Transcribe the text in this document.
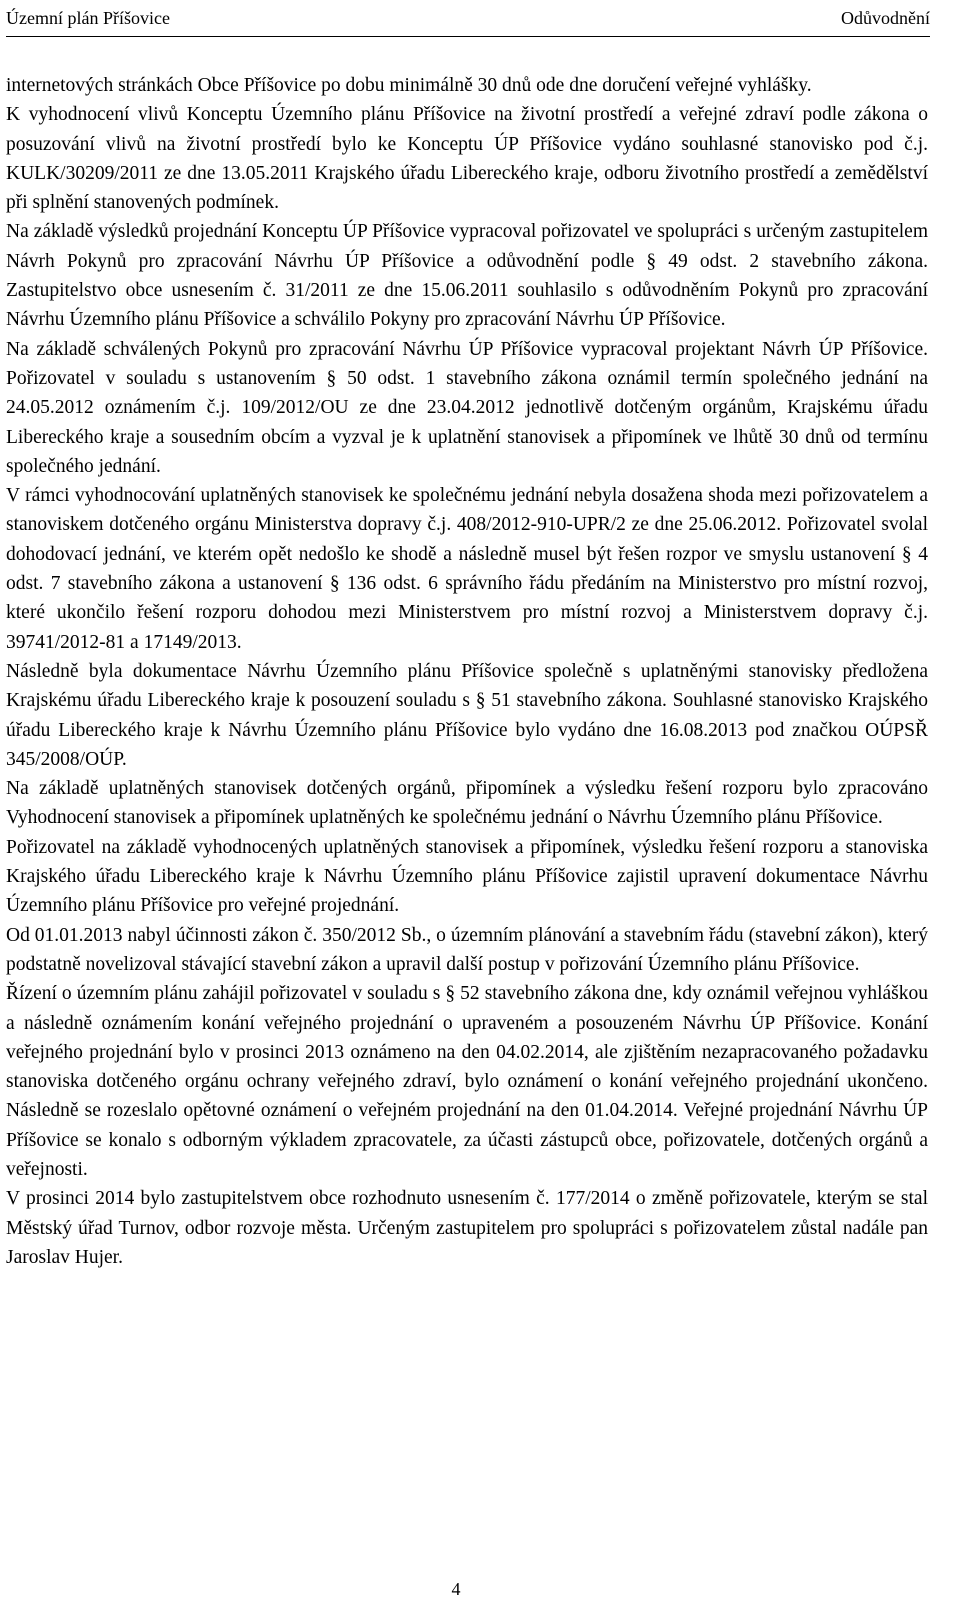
Územní plán Příšovice	Odůvodnění

internetových stránkách Obce Příšovice po dobu minimálně 30 dnů ode dne doručení veřejné vyhlášky.

K vyhodnocení vlivů Konceptu Územního plánu Příšovice na životní prostředí a veřejné zdraví podle zákona o posuzování vlivů na životní prostředí bylo ke Konceptu ÚP Příšovice vydáno souhlasné stanovisko pod č.j. KULK/30209/2011 ze dne 13.05.2011 Krajského úřadu Libereckého kraje, odboru životního prostředí a zemědělství při splnění stanovených podmínek.

Na základě výsledků projednání Konceptu ÚP Příšovice vypracoval pořizovatel ve spolupráci s určeným zastupitelem Návrh Pokynů pro zpracování Návrhu ÚP Příšovice a odůvodnění podle § 49 odst. 2 stavebního zákona. Zastupitelstvo obce usnesením č. 31/2011 ze dne 15.06.2011 souhlasilo s odůvodněním Pokynů pro zpracování Návrhu Územního plánu Příšovice a schválilo Pokyny pro zpracování Návrhu ÚP Příšovice.

Na základě schválených Pokynů pro zpracování Návrhu ÚP Příšovice vypracoval projektant Návrh ÚP Příšovice. Pořizovatel v souladu s ustanovením § 50 odst. 1 stavebního zákona oznámil termín společného jednání na 24.05.2012 oznámením č.j. 109/2012/OU ze dne 23.04.2012 jednotlivě dotčeným orgánům, Krajskému úřadu Libereckého kraje a sousedním obcím a vyzval je k uplatnění stanovisek a připomínek ve lhůtě 30 dnů od termínu společného jednání.

V rámci vyhodnocování uplatněných stanovisek ke společnému jednání nebyla dosažena shoda mezi pořizovatelem a stanoviskem dotčeného orgánu Ministerstva dopravy č.j. 408/2012-910-UPR/2 ze dne 25.06.2012. Pořizovatel svolal dohodovací jednání, ve kterém opět nedošlo ke shodě a následně musel být řešen rozpor ve smyslu ustanovení § 4 odst. 7 stavebního zákona a ustanovení § 136 odst. 6 správního řádu předáním na Ministerstvo pro místní rozvoj, které ukončilo řešení rozporu dohodou mezi Ministerstvem pro místní rozvoj a Ministerstvem dopravy č.j. 39741/2012-81 a 17149/2013.

Následně byla dokumentace Návrhu Územního plánu Příšovice společně s uplatněnými stanovisky předložena Krajskému úřadu Libereckého kraje k posouzení souladu s § 51 stavebního zákona. Souhlasné stanovisko Krajského úřadu Libereckého kraje k Návrhu Územního plánu Příšovice bylo vydáno dne 16.08.2013 pod značkou OÚPSŘ 345/2008/OÚP.

Na základě uplatněných stanovisek dotčených orgánů, připomínek a výsledku řešení rozporu bylo zpracováno Vyhodnocení stanovisek a připomínek uplatněných ke společnému jednání o Návrhu Územního plánu Příšovice.

Pořizovatel na základě vyhodnocených uplatněných stanovisek a připomínek, výsledku řešení rozporu a stanoviska Krajského úřadu Libereckého kraje k Návrhu Územního plánu Příšovice zajistil upravení dokumentace Návrhu Územního plánu Příšovice pro veřejné projednání.

Od 01.01.2013 nabyl účinnosti zákon č. 350/2012 Sb., o územním plánování a stavebním řádu (stavební zákon), který podstatně novelizoval stávající stavební zákon a upravil další postup v pořizování Územního plánu Příšovice.

Řízení o územním plánu zahájil pořizovatel v souladu s § 52 stavebního zákona dne, kdy oznámil veřejnou vyhláškou a následně oznámením konání veřejného projednání o upraveném a posouzeném Návrhu ÚP Příšovice. Konání veřejného projednání bylo v prosinci 2013 oznámeno na den 04.02.2014, ale zjištěním nezapracovaného požadavku stanoviska dotčeného orgánu ochrany veřejného zdraví, bylo oznámení o konání veřejného projednání ukončeno. Následně se rozeslalo opětovné oznámení o veřejném projednání na den 01.04.2014. Veřejné projednání Návrhu ÚP Příšovice se konalo s odborným výkladem zpracovatele, za účasti zástupců obce, pořizovatele, dotčených orgánů a veřejnosti.

V prosinci 2014 bylo zastupitelstvem obce rozhodnuto usnesením č. 177/2014 o změně pořizovatele, kterým se stal Městský úřad Turnov, odbor rozvoje města. Určeným zastupitelem pro spolupráci s pořizovatelem zůstal nadále pan Jaroslav Hujer.

4
